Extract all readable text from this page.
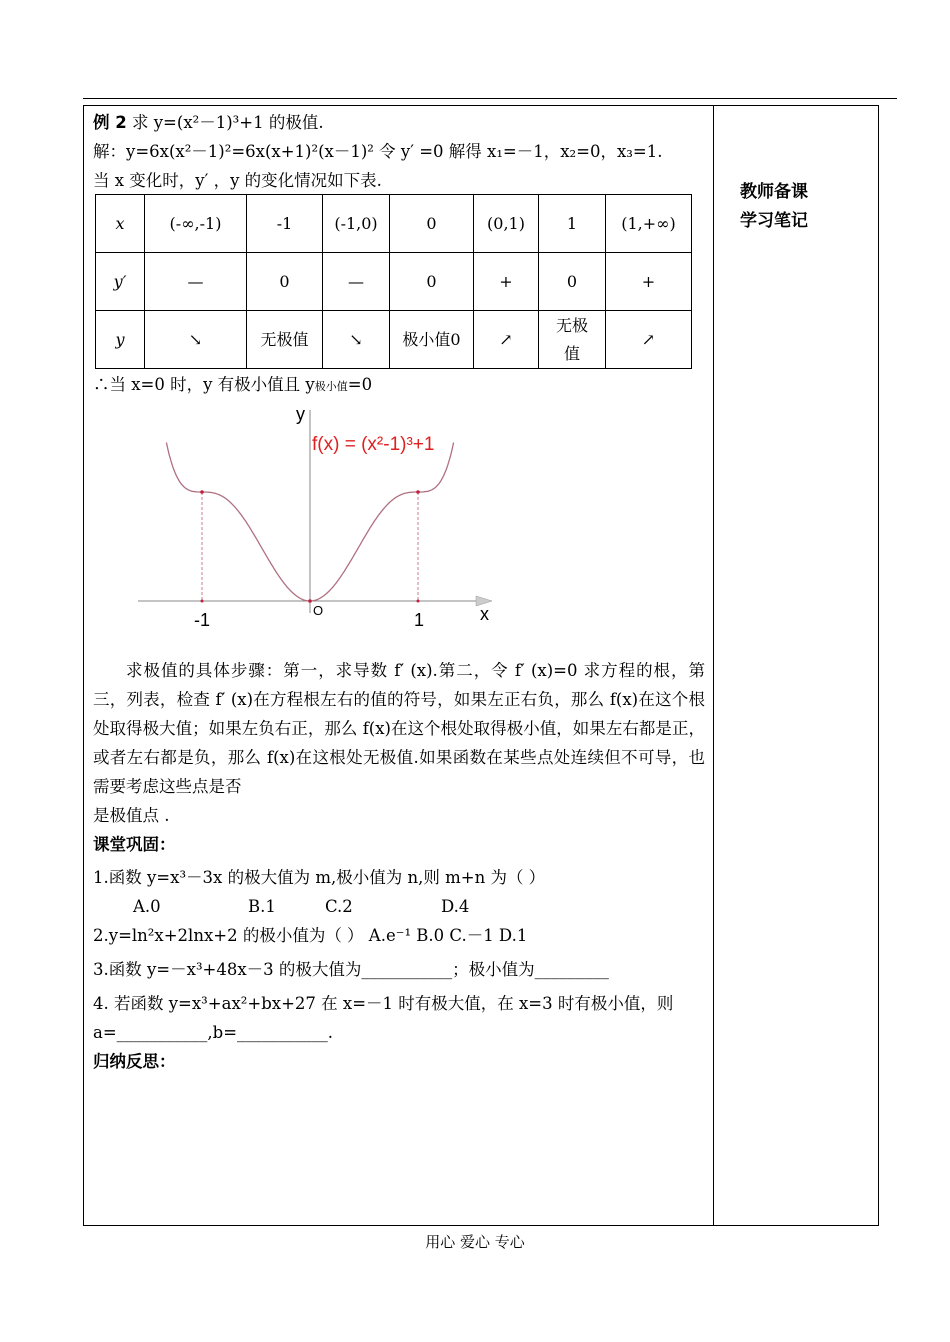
教师备课
学习笔记
例 2 求 y=(x²－1)³+1 的极值.
解：y=6x(x²－1)²=6x(x+1)²(x－1)² 令 y′ =0 解得 x₁=－1，x₂=0，x₃=1.
当 x 变化时，y′ ，y 的变化情况如下表.
x	(-∞,-1)	-1	(-1,0)	0	(0,1)	1	(1,+∞)
y′	—	0	—	0	+	0	+
y	↘	无极值	↘	极小值0	↗	无极值	↗
∴当 x=0 时，y 有极小值且 y极小值=0
y
x
O
-1	1
f(x) = (x²-1)³+1
求极值的具体步骤：第一，求导数 f′ (x).第二，令 f′ (x)=0 求方程的根，第三，列表，检查 f′ (x)在方程根左右的值的符号，如果左正右负，那么 f(x)在这个根处取得极大值；如果左负右正，那么 f(x)在这个根处取得极小值，如果左右都是正，或者左右都是负，那么 f(x)在这根处无极值.如果函数在某些点处连续但不可导，也需要考虑这些点是否
是极值点 .
课堂巩固：
1.函数 y=x³－3x 的极大值为 m,极小值为 n,则 m+n 为（ ）
A.0	B.1	C.2	D.4
2.y=ln²x+2lnx+2 的极小值为（ ） A.e⁻¹ B.0 C.－1 D.1
3.函数 y=－x³+48x－3 的极大值为___________；极小值为_________
4. 若函数 y=x³+ax²+bx+27 在 x=－1 时有极大值，在 x=3 时有极小值，则
a=___________,b=___________.
归纳反思：
用心 爱心 专心
